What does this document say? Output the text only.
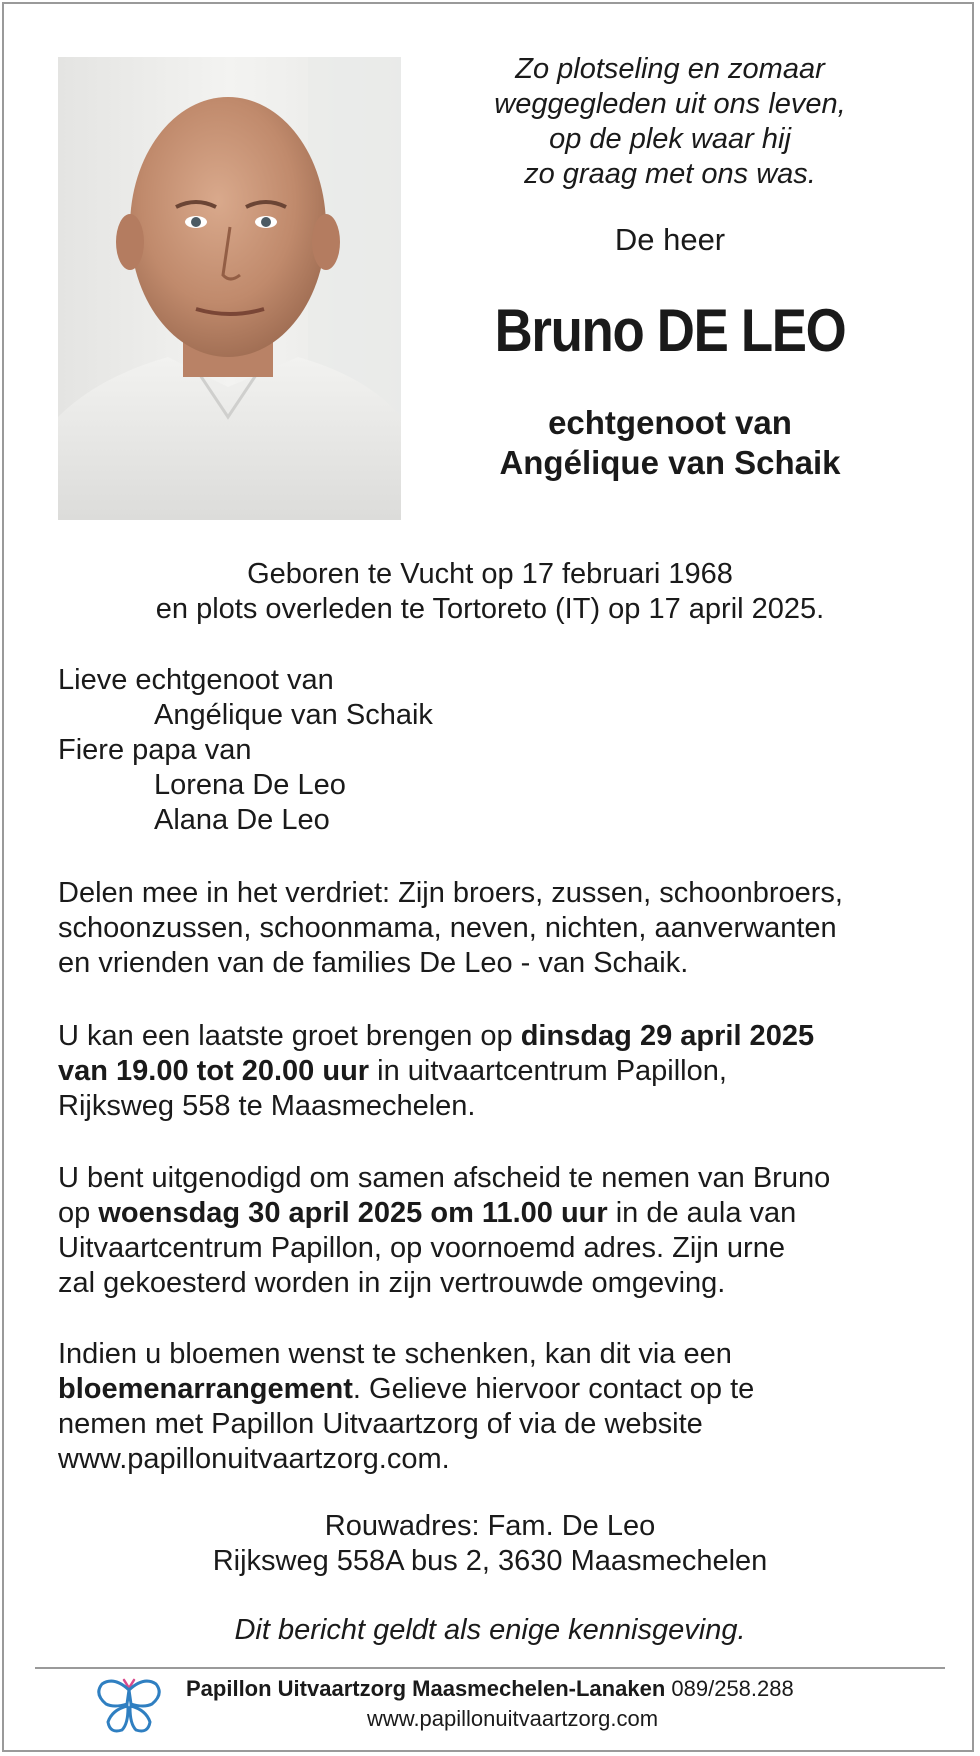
Zo plotseling en zomaar
weggegleden uit ons leven,
op de plek waar hij
zo graag met ons was.
De heer
Bruno DE LEO
echtgenoot van
Angélique van Schaik
Geboren te Vucht op 17 februari 1968
en plots overleden te Tortoreto (IT) op 17 april 2025.
Lieve echtgenoot van
Angélique van Schaik
Fiere papa van
Lorena De Leo
Alana De Leo
Delen mee in het verdriet: Zijn broers, zussen, schoonbroers,
schoonzussen, schoonmama, neven, nichten, aanverwanten
en vrienden van de families De Leo - van Schaik.
U kan een laatste groet brengen op dinsdag 29 april 2025
van 19.00 tot 20.00 uur in uitvaartcentrum Papillon,
Rijksweg 558 te Maasmechelen.
U bent uitgenodigd om samen afscheid te nemen van Bruno
op woensdag 30 april 2025 om 11.00 uur in de aula van
Uitvaartcentrum Papillon, op voornoemd adres. Zijn urne
zal gekoesterd worden in zijn vertrouwde omgeving.
Indien u bloemen wenst te schenken, kan dit via een
bloemenarrangement. Gelieve hiervoor contact op te
nemen met Papillon Uitvaartzorg of via de website
www.papillonuitvaartzorg.com.
Rouwadres: Fam. De Leo
Rijksweg 558A bus 2, 3630 Maasmechelen
Dit bericht geldt als enige kennisgeving.
Papillon Uitvaartzorg Maasmechelen-Lanaken 089/258.288
www.papillonuitvaartzorg.com
